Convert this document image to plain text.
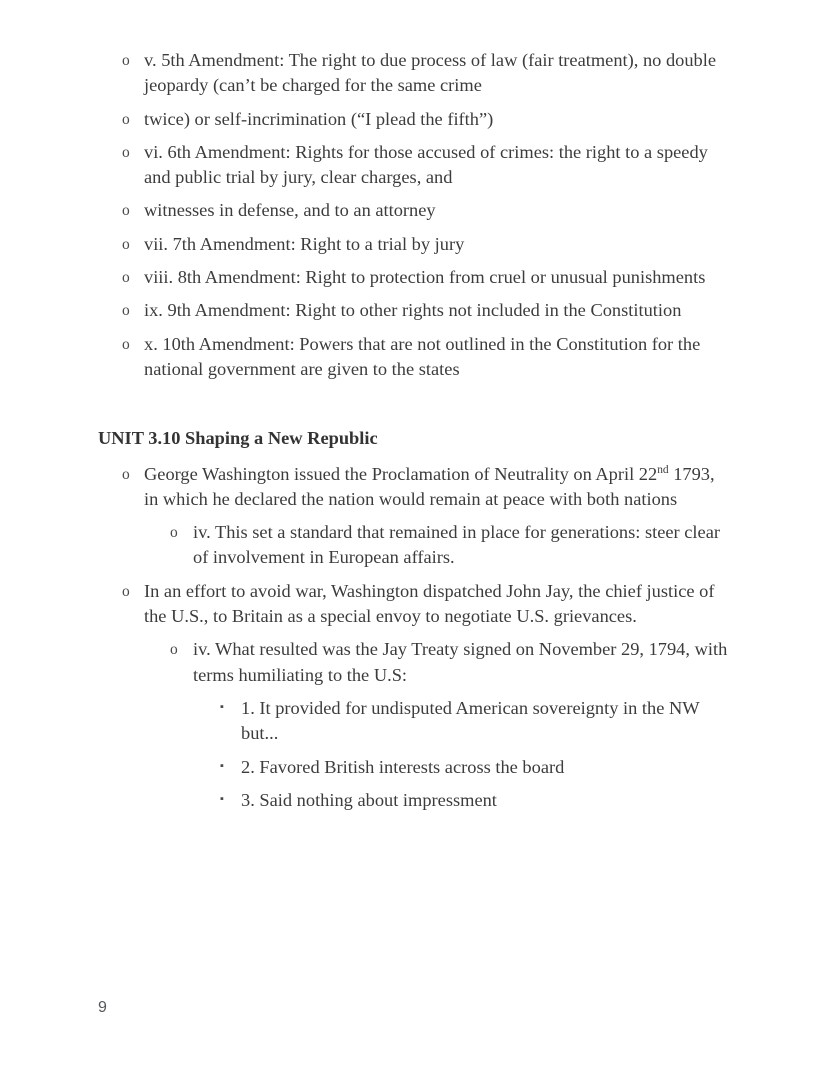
o v. 5th Amendment: The right to due process of law (fair treatment), no double jeopardy (can’t be charged for the same crime
o twice) or self-incrimination (“I plead the fifth”)
o vi. 6th Amendment: Rights for those accused of crimes: the right to a speedy and public trial by jury, clear charges, and
o witnesses in defense, and to an attorney
o vii. 7th Amendment: Right to a trial by jury
o viii. 8th Amendment: Right to protection from cruel or unusual punishments
o ix. 9th Amendment: Right to other rights not included in the Constitution
o x. 10th Amendment: Powers that are not outlined in the Constitution for the national government are given to the states
UNIT 3.10 Shaping a New Republic
o George Washington issued the Proclamation of Neutrality on April 22nd 1793, in which he declared the nation would remain at peace with both nations
o iv. This set a standard that remained in place for generations: steer clear of involvement in European affairs.
o In an effort to avoid war, Washington dispatched John Jay, the chief justice of the U.S., to Britain as a special envoy to negotiate U.S. grievances.
o iv. What resulted was the Jay Treaty signed on November 29, 1794, with terms humiliating to the U.S:
▪ 1. It provided for undisputed American sovereignty in the NW but...
▪ 2. Favored British interests across the board
▪ 3. Said nothing about impressment
9
